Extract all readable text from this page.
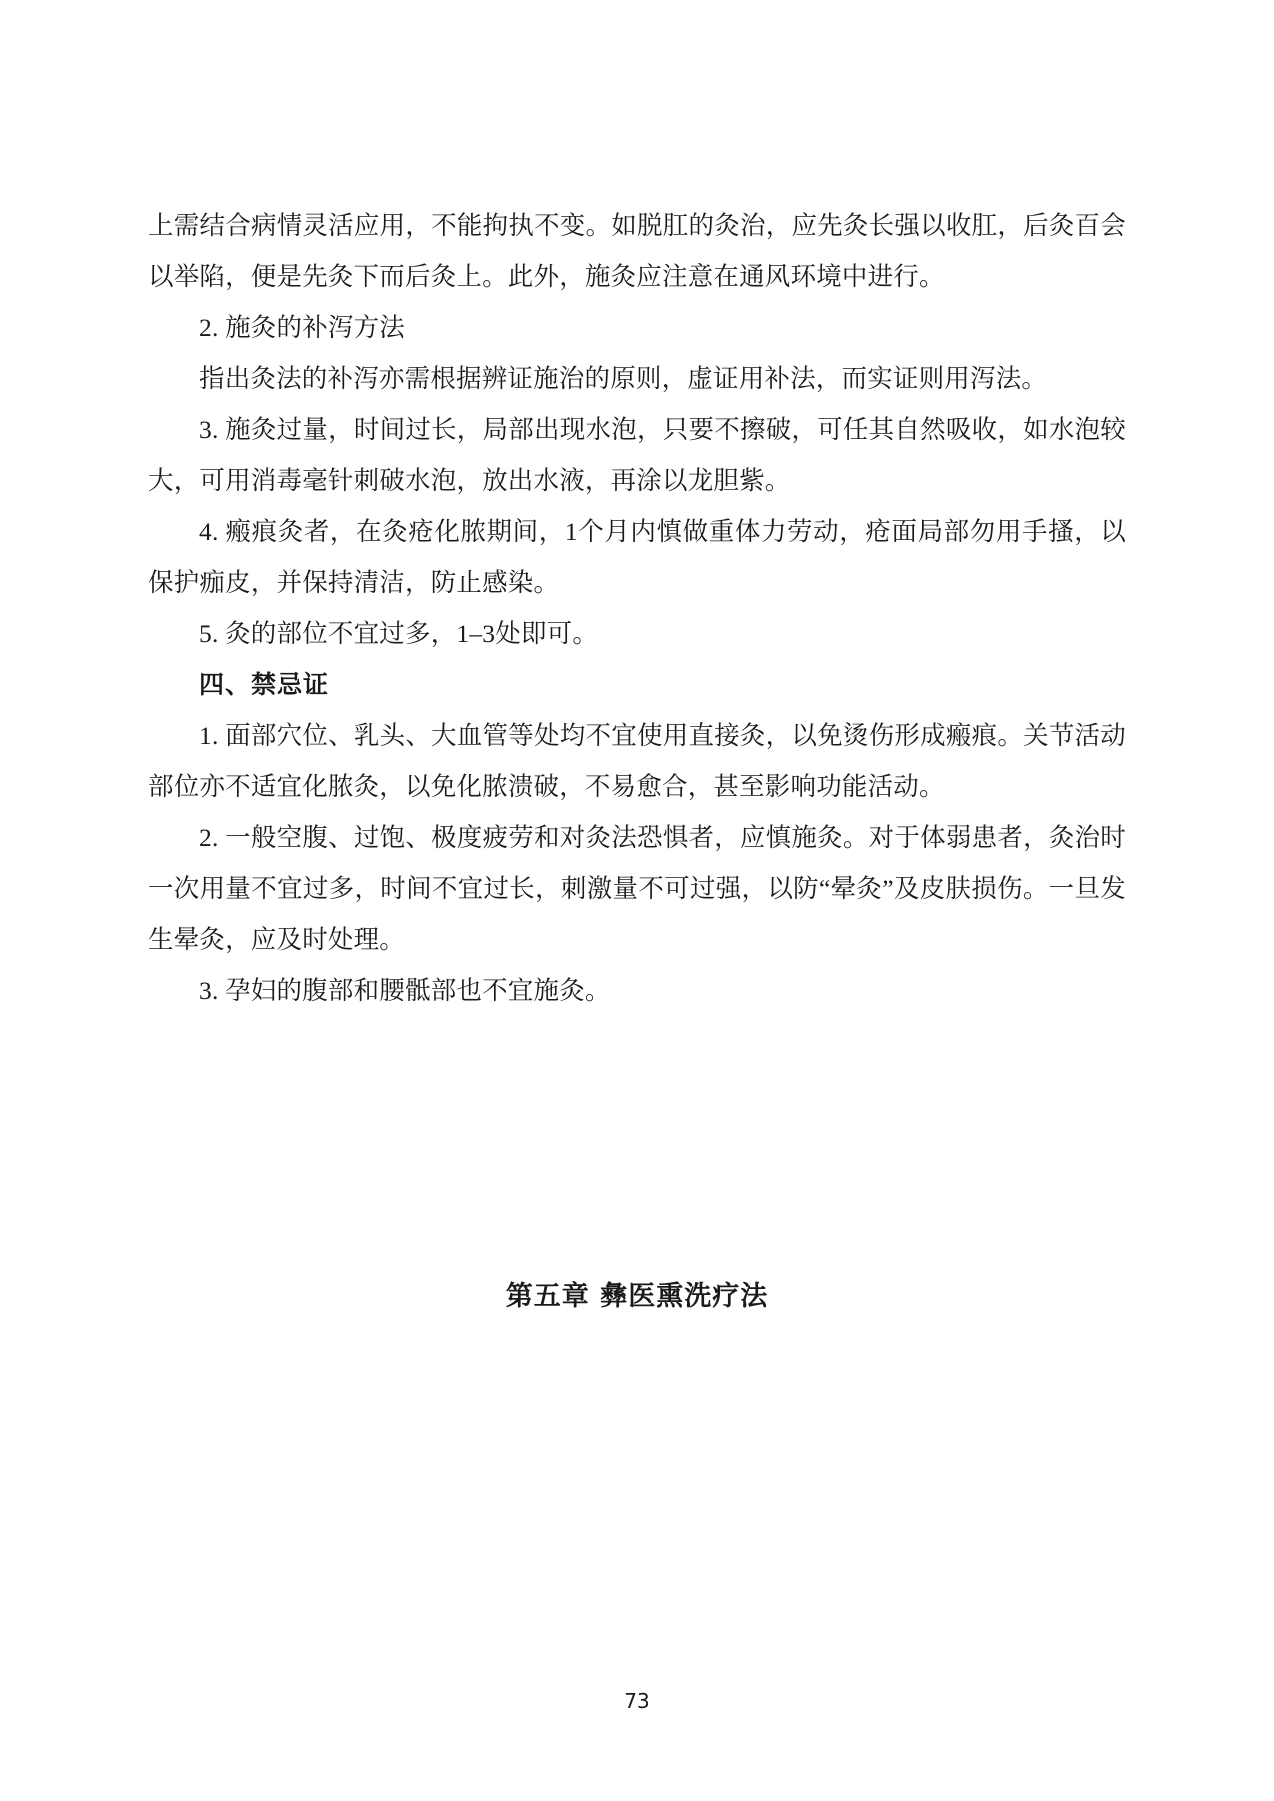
上需结合病情灵活应用，不能拘执不变。如脱肛的灸治，应先灸长强以收肛，后灸百会以举陷，便是先灸下而后灸上。此外，施灸应注意在通风环境中进行。

2. 施灸的补泻方法

指出灸法的补泻亦需根据辨证施治的原则，虚证用补法，而实证则用泻法。

3. 施灸过量，时间过长，局部出现水泡，只要不擦破，可任其自然吸收，如水泡较大，可用消毒毫针刺破水泡，放出水液，再涂以龙胆紫。

4. 瘢痕灸者，在灸疮化脓期间，1个月内慎做重体力劳动，疮面局部勿用手搔，以保护痂皮，并保持清洁，防止感染。

5. 灸的部位不宜过多，1–3处即可。

四、禁忌证

1. 面部穴位、乳头、大血管等处均不宜使用直接灸，以免烫伤形成瘢痕。关节活动部位亦不适宜化脓灸，以免化脓溃破，不易愈合，甚至影响功能活动。

2. 一般空腹、过饱、极度疲劳和对灸法恐惧者，应慎施灸。对于体弱患者，灸治时一次用量不宜过多，时间不宜过长，刺激量不可过强，以防“晕灸”及皮肤损伤。一旦发生晕灸，应及时处理。

3. 孕妇的腹部和腰骶部也不宜施灸。

第五章 彝医熏洗疗法
73
